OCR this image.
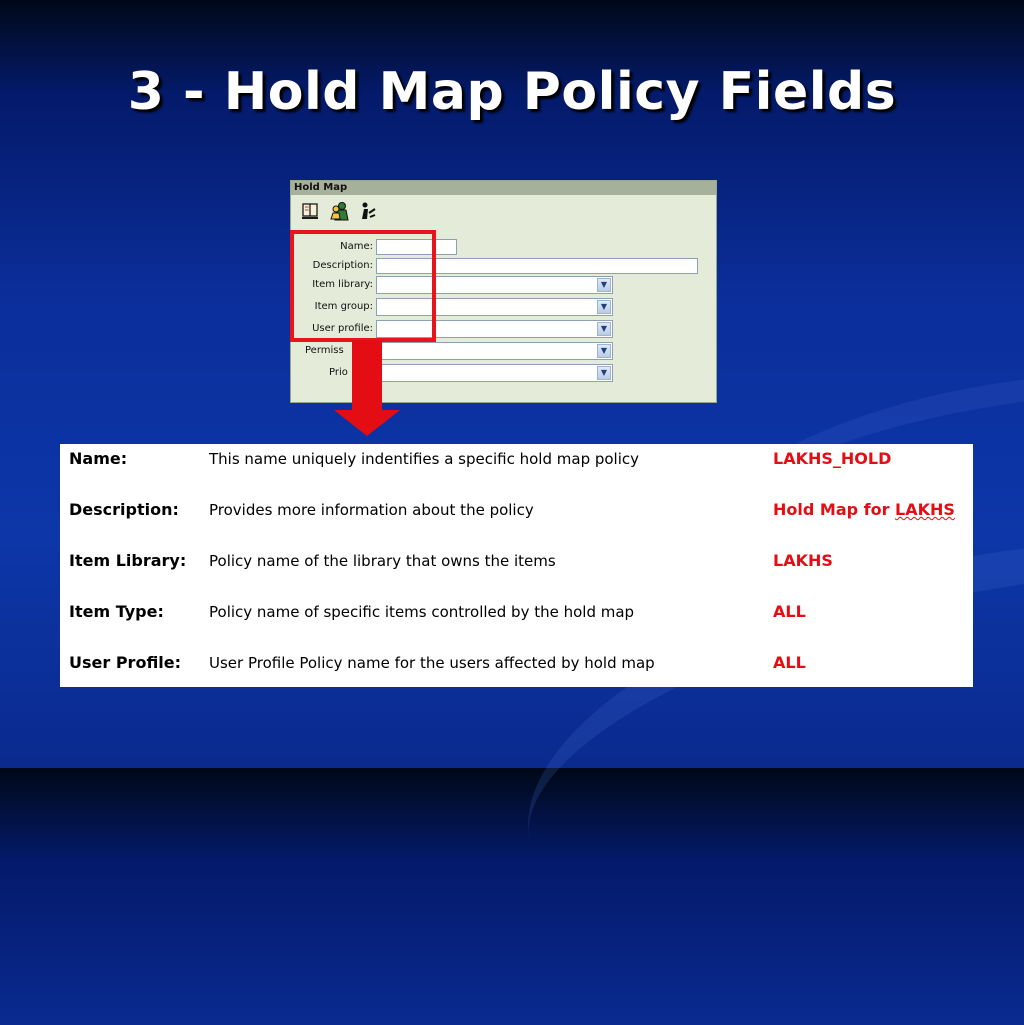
3 - Hold Map Policy Fields
Hold Map

Name:
Description:
Item library:	▼
Item group:	▼
User profile:	▼
Permiss	▼
Prio	▼
Name:	This name uniquely indentifies a specific hold map policy	LAKHS_HOLD
Description: Provides more information about the policy	Hold Map for LAKHS
Item Library: Policy name of the library that owns the items	LAKHS
Item Type:	Policy name of specific items controlled by the hold map	ALL
User Profile: User Profile Policy name for the users affected by hold map	ALL
